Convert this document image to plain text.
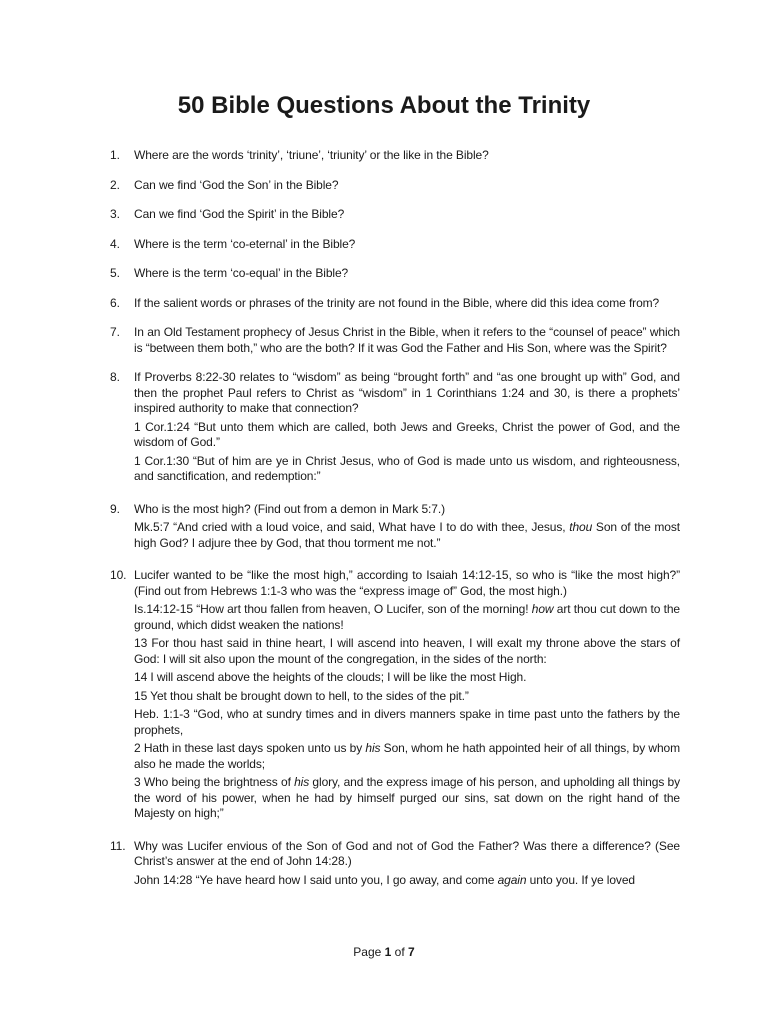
50 Bible Questions About the Trinity
1. Where are the words ‘trinity’, ‘triune’, ‘triunity’ or the like in the Bible?

2. Can we find ‘God the Son’ in the Bible?

3. Can we find ‘God the Spirit’ in the Bible?

4. Where is the term ‘co-eternal’ in the Bible?

5. Where is the term ‘co-equal’ in the Bible?

6. If the salient words or phrases of the trinity are not found in the Bible, where did this idea come from?

7. In an Old Testament prophecy of Jesus Christ in the Bible, when it refers to the “counsel of peace” which is “between them both,” who are the both? If it was God the Father and His Son, where was the Spirit?

8. If Proverbs 8:22-30 relates to “wisdom” as being “brought forth” and “as one brought up with” God, and then the prophet Paul refers to Christ as “wisdom” in 1 Corinthians 1:24 and 30, is there a prophets’ inspired authority to make that connection?

1 Cor.1:24 “But unto them which are called, both Jews and Greeks, Christ the power of God, and the wisdom of God.”

1 Cor.1:30 “But of him are ye in Christ Jesus, who of God is made unto us wisdom, and righteousness, and sanctification, and redemption:”

9. Who is the most high? (Find out from a demon in Mark 5:7.)

Mk.5:7 “And cried with a loud voice, and said, What have I to do with thee, Jesus, thou Son of the most high God? I adjure thee by God, that thou torment me not.”

10. Lucifer wanted to be “like the most high,” according to Isaiah 14:12-15, so who is “like the most high?” (Find out from Hebrews 1:1-3 who was the “express image of” God, the most high.)

Is.14:12-15 “How art thou fallen from heaven, O Lucifer, son of the morning! how art thou cut down to the ground, which didst weaken the nations!

13 For thou hast said in thine heart, I will ascend into heaven, I will exalt my throne above the stars of God: I will sit also upon the mount of the congregation, in the sides of the north:

14 I will ascend above the heights of the clouds; I will be like the most High.

15 Yet thou shalt be brought down to hell, to the sides of the pit.”

Heb. 1:1-3 “God, who at sundry times and in divers manners spake in time past unto the fathers by the prophets,

2 Hath in these last days spoken unto us by his Son, whom he hath appointed heir of all things, by whom also he made the worlds;

3 Who being the brightness of his glory, and the express image of his person, and upholding all things by the word of his power, when he had by himself purged our sins, sat down on the right hand of the Majesty on high;”

11. Why was Lucifer envious of the Son of God and not of God the Father? Was there a difference? (See Christ’s answer at the end of John 14:28.)

John 14:28 “Ye have heard how I said unto you, I go away, and come again unto you. If ye loved

Page 1 of 7
